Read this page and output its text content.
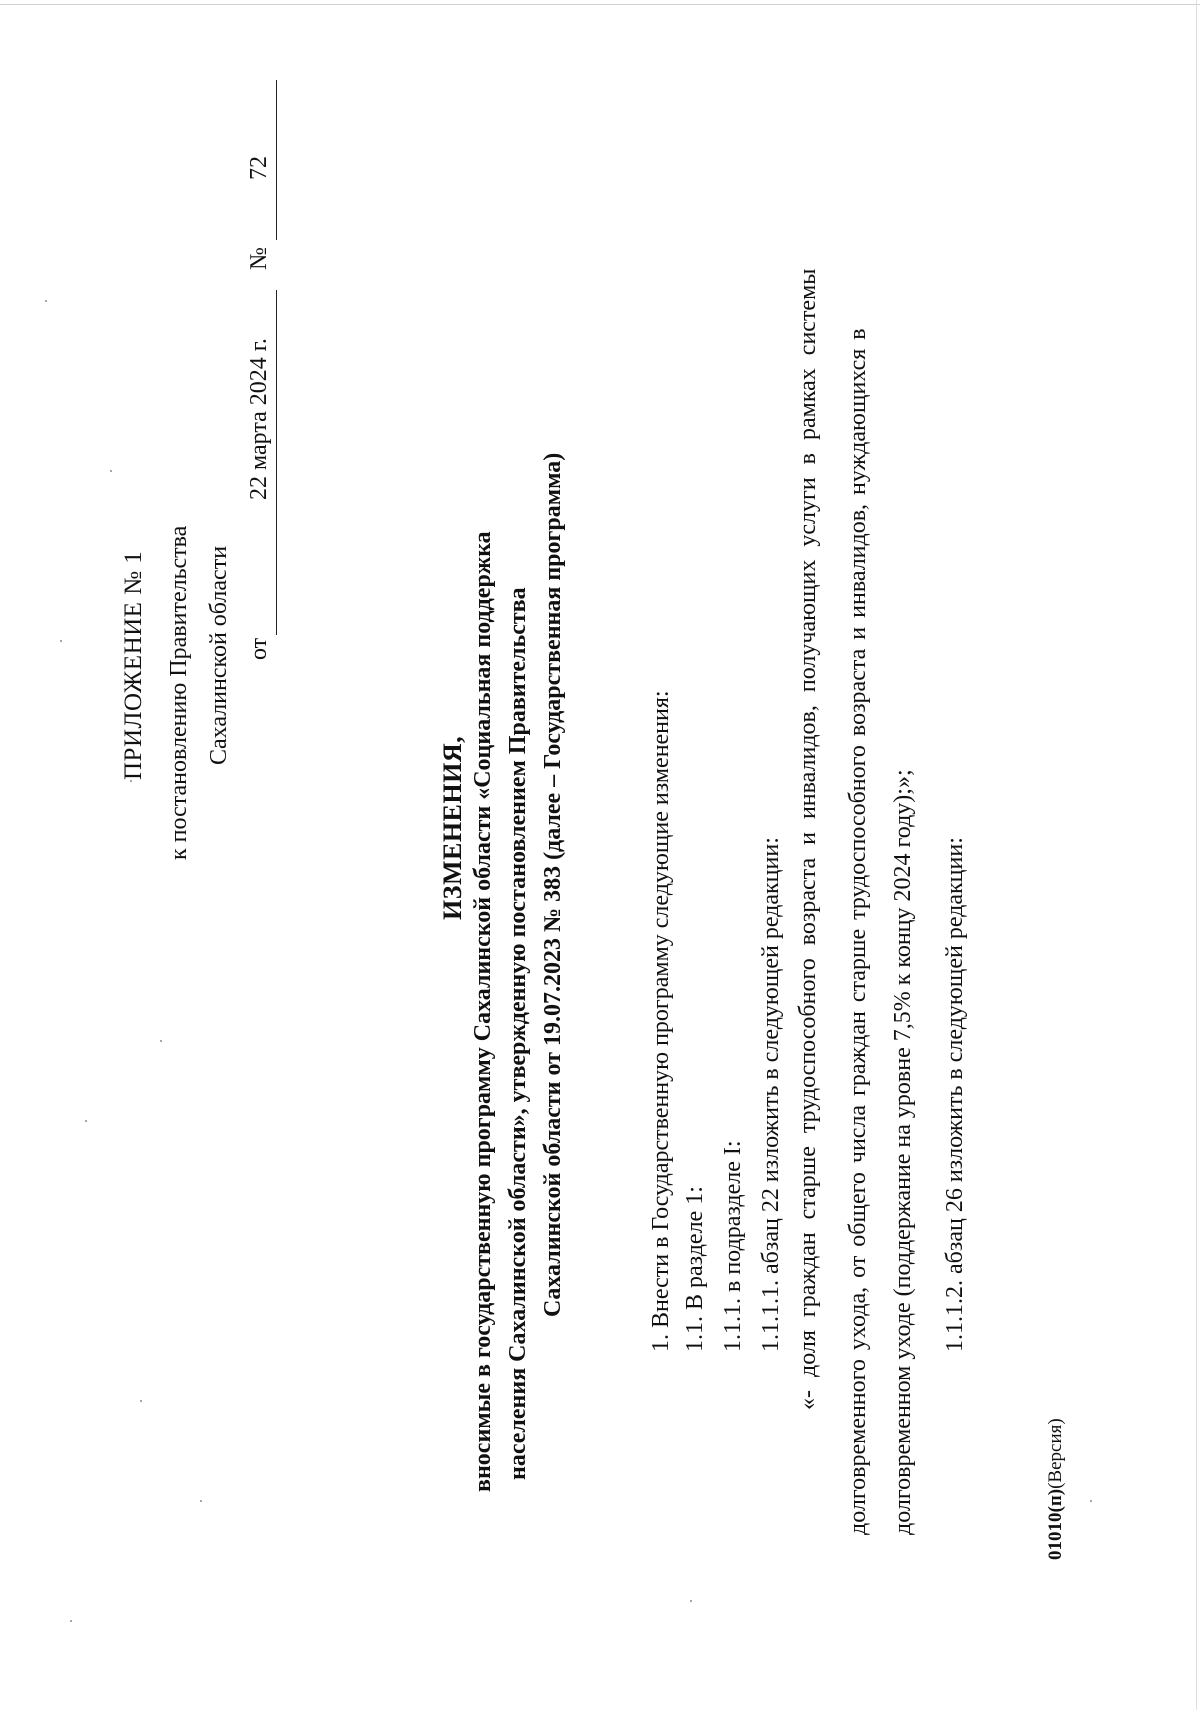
ПРИЛОЖЕНИЕ № 1 к постановлению Правительства Сахалинской области от
22 марта 2024 г.
№
72
ИЗМЕНЕНИЯ, вносимые в государственную программу Сахалинской области «Социальная поддержка населения Сахалинской области», утвержденную постановлением Правительства Сахалинской области от 19.07.2023 № 383 (далее – Государственная программа)	1. Внести в Государственную программу следующие изменения: 1.1. В разделе 1: 1.1.1. в подразделе I: 1.1.1.1. абзац 22 изложить в следующей редакции: «- доля граждан старше трудоспособного возраста и инвалидов, получающих услуги в рамках системы долговременного ухода, от общего числа граждан старше трудоспособного возраста и инвалидов, нуждающихся в долговременном уходе (поддержание на уровне 7,5% к концу 2024 году);»; 1.1.1.2. абзац 26 изложить в следующей редакции:
01010(п)(Версия)
